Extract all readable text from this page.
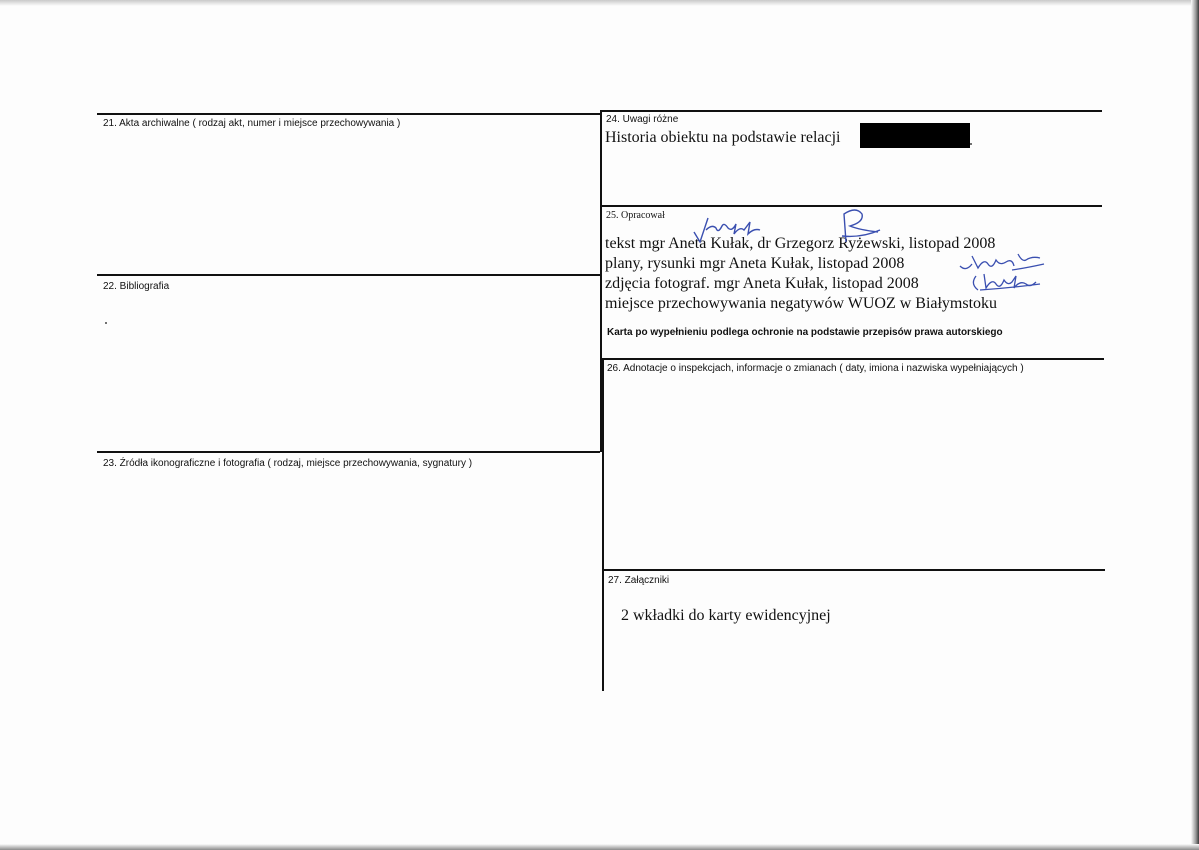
21. Akta archiwalne ( rodzaj akt, numer i miejsce przechowywania )
22. Bibliografia
23. Źródła ikonograficzne i fotografia ( rodzaj, miejsce przechowywania, sygnatury )
24. Uwagi różne
Historia obiektu na podstawie relacji
25. Opracował
tekst mgr Aneta Kułak, dr Grzegorz Ryżewski, listopad 2008
plany, rysunki mgr Aneta Kułak, listopad 2008
zdjęcia fotograf. mgr Aneta Kułak, listopad 2008
miejsce przechowywania negatywów WUOZ w Białymstoku
Karta po wypełnieniu podlega ochronie na podstawie przepisów prawa autorskiego
26. Adnotacje o inspekcjach, informacje o zmianach ( daty, imiona i nazwiska wypełniających )
27. Załączniki
2 wkładki do karty ewidencyjnej
